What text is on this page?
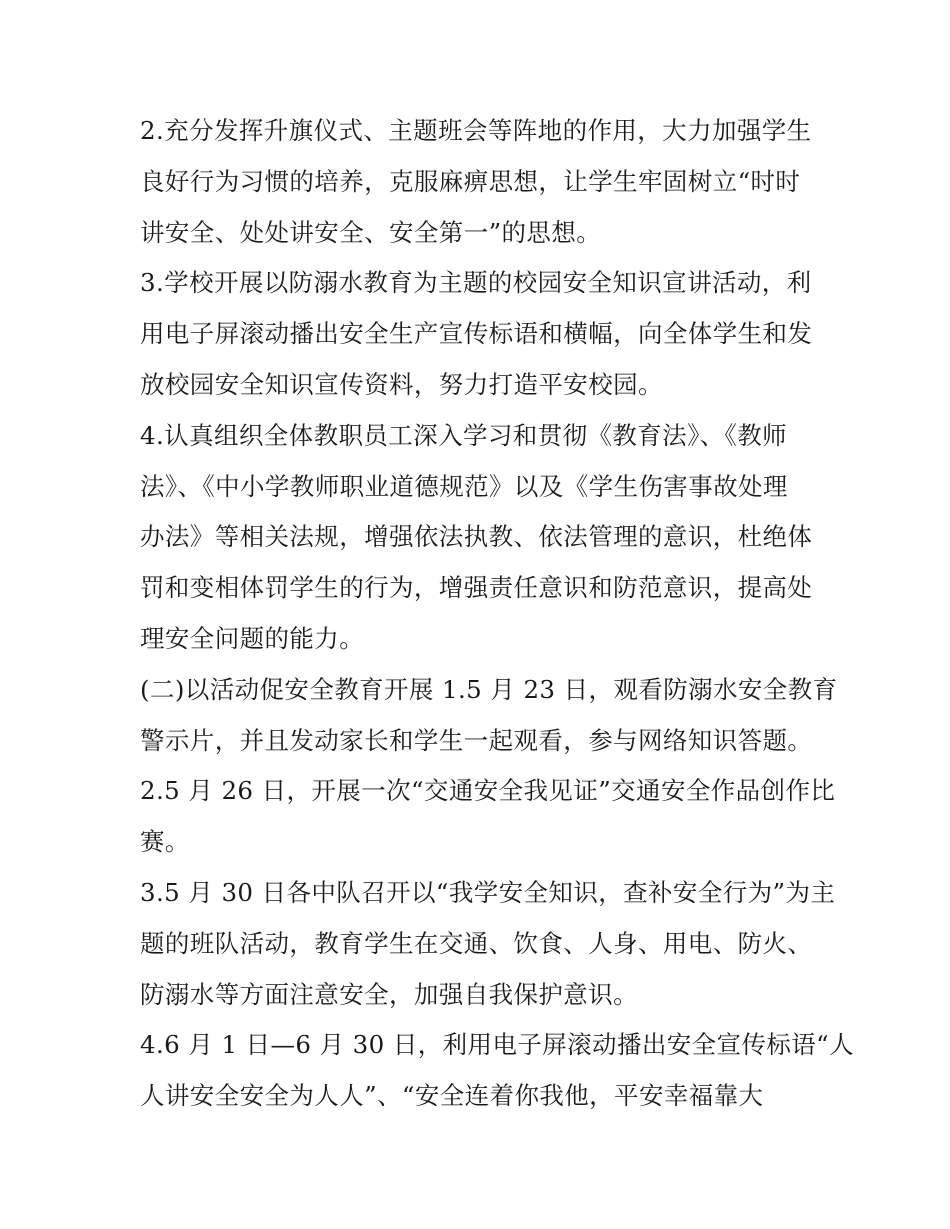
2.充分发挥升旗仪式、主题班会等阵地的作用，大力加强学生
良好行为习惯的培养，克服麻痹思想，让学生牢固树立“时时
讲安全、处处讲安全、安全第一”的思想。
3.学校开展以防溺水教育为主题的校园安全知识宣讲活动，利
用电子屏滚动播出安全生产宣传标语和横幅，向全体学生和发
放校园安全知识宣传资料，努力打造平安校园。
4.认真组织全体教职员工深入学习和贯彻《教育法》、《教师
法》、《中小学教师职业道德规范》以及《学生伤害事故处理
办法》等相关法规，增强依法执教、依法管理的意识，杜绝体
罚和变相体罚学生的行为，增强责任意识和防范意识，提高处
理安全问题的能力。
(二)以活动促安全教育开展 1.5 月 23 日，观看防溺水安全教育
警示片，并且发动家长和学生一起观看，参与网络知识答题。
2.5 月 26 日，开展一次“交通安全我见证”交通安全作品创作比
赛。
3.5 月 30 日各中队召开以“我学安全知识，查补安全行为”为主
题的班队活动，教育学生在交通、饮食、人身、用电、防火、
防溺水等方面注意安全，加强自我保护意识。
4.6 月 1 日—6 月 30 日，利用电子屏滚动播出安全宣传标语“人
人讲安全安全为人人”、“安全连着你我他，平安幸福靠大
